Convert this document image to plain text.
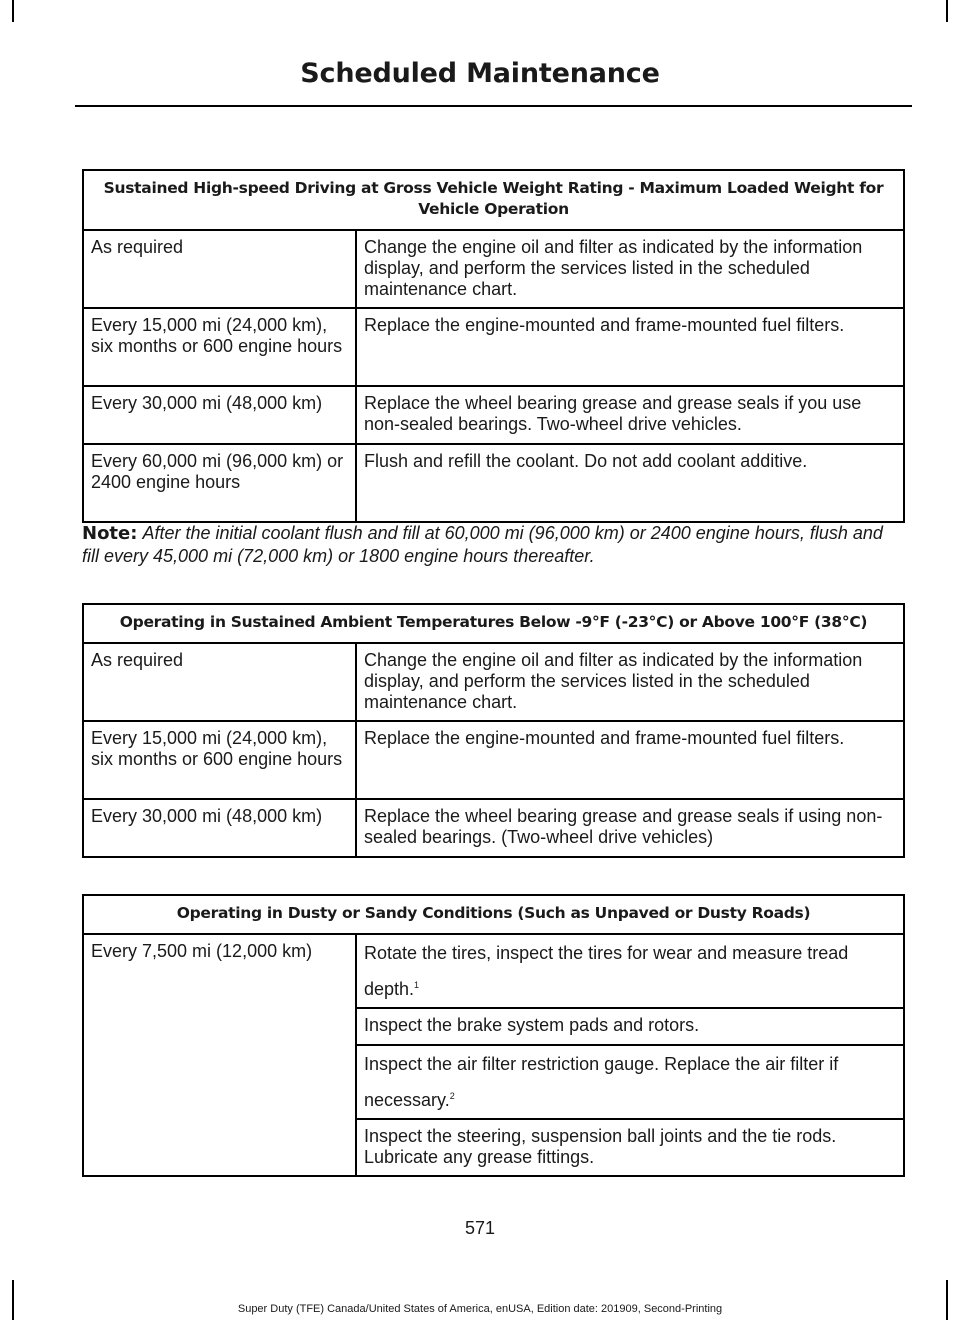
Scheduled Maintenance
Sustained High-speed Driving at Gross Vehicle Weight Rating - Maximum Loaded Weight for Vehicle Operation	
As required	Change the engine oil and filter as indicated by the information display, and perform the services listed in the scheduled maintenance chart.
Every 15,000 mi (24,000 km), six months or 600 engine hours	Replace the engine-mounted and frame-mounted fuel filters.
Every 30,000 mi (48,000 km)	Replace the wheel bearing grease and grease seals if you use non-sealed bearings. Two-wheel drive vehicles.
Every 60,000 mi (96,000 km) or 2400 engine hours	Flush and refill the coolant. Do not add coolant additive.
Note: After the initial coolant flush and fill at 60,000 mi (96,000 km) or 2400 engine hours, flush and fill every 45,000 mi (72,000 km) or 1800 engine hours thereafter.
Operating in Sustained Ambient Temperatures Below -9°F (-23°C) or Above 100°F (38°C)	
As required	Change the engine oil and filter as indicated by the information display, and perform the services listed in the scheduled maintenance chart.
Every 15,000 mi (24,000 km), six months or 600 engine hours	Replace the engine-mounted and frame-mounted fuel filters.
Every 30,000 mi (48,000 km)	Replace the wheel bearing grease and grease seals if using non-sealed bearings. (Two-wheel drive vehicles)
Operating in Dusty or Sandy Conditions (Such as Unpaved or Dusty Roads)
Every 7,500 mi (12,000 km)	Rotate the tires, inspect the tires for wear and measure tread depth.$^1$
Inspect the brake system pads and rotors.
Inspect the air filter restriction gauge. Replace the air filter if necessary.$^2$
Inspect the steering, suspension ball joints and the tie rods. Lubricate any grease fittings.
571
Super Duty (TFE) Canada/United States of America, enUSA, Edition date: 201909, Second-Printing
